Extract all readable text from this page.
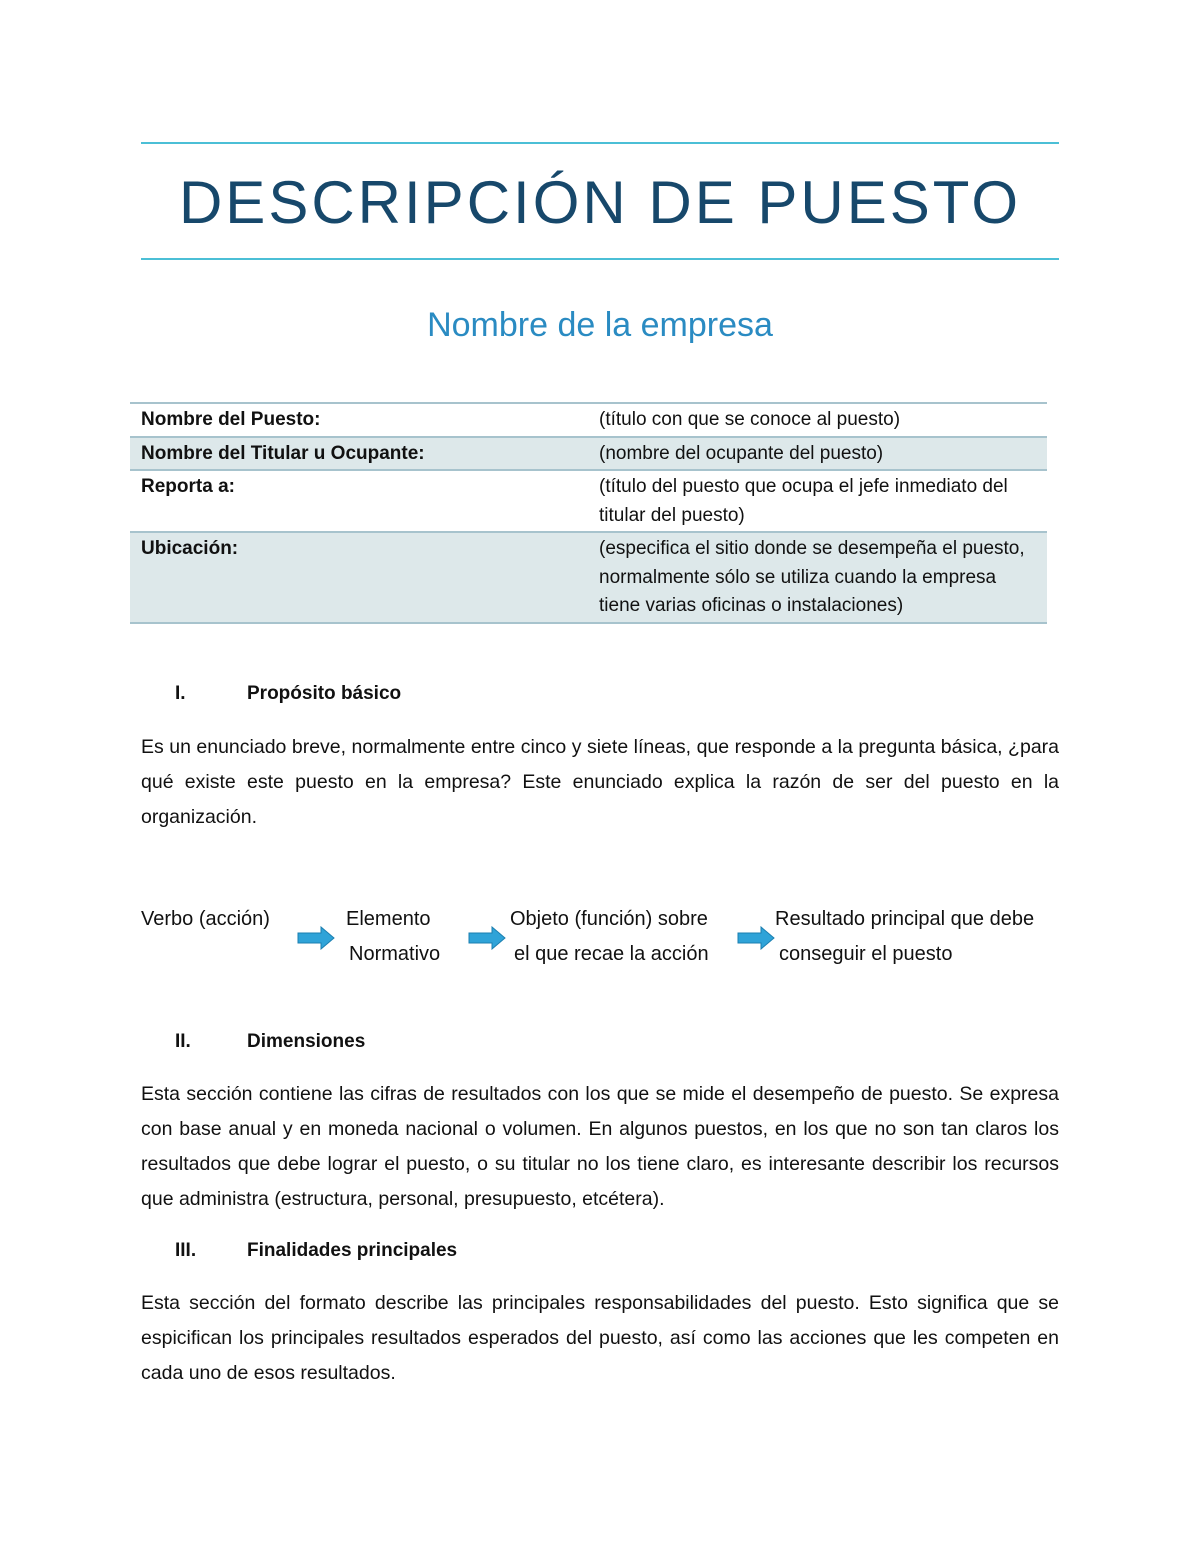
DESCRIPCIÓN DE PUESTO
Nombre de la empresa
Nombre del Puesto:	(título con que se conoce al puesto)
Nombre del Titular u Ocupante:	(nombre del ocupante del puesto)
Reporta a:	(título del puesto que ocupa el jefe inmediato del titular del puesto)
Ubicación:	(especifica el sitio donde se desempeña el puesto, normalmente sólo se utiliza cuando la empresa tiene varias oficinas o instalaciones)
I.	Propósito básico

Es un enunciado breve, normalmente entre cinco y siete líneas, que responde a la pregunta básica, ¿para qué existe este puesto en la empresa? Este enunciado explica la razón de ser del puesto en la organización.

Verbo (acción)	Elemento
Normativo
Objeto (función) sobre
el que recae la acción
Resultado principal que debe
conseguir el puesto
II.	Dimensiones

Esta sección contiene las cifras de resultados con los que se mide el desempeño de puesto. Se expresa con base anual y en moneda nacional o volumen. En algunos puestos, en los que no son tan claros los resultados que debe lograr el puesto, o su titular no los tiene claro, es interesante describir los recursos que administra (estructura, personal, presupuesto, etcétera).

III.	Finalidades principales

Esta sección del formato describe las principales responsabilidades del puesto. Esto significa que se espicifican los principales resultados esperados del puesto, así como las acciones que les competen en cada uno de esos resultados.
